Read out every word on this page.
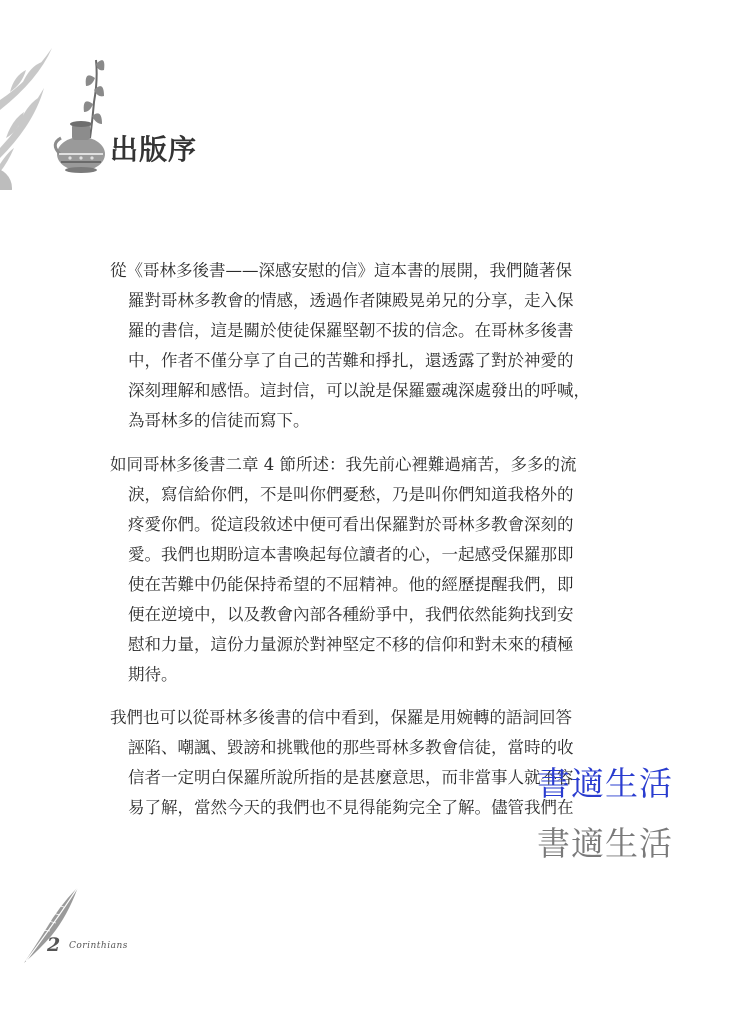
出版序
從《哥林多後書——深感安慰的信》這本書的展開，我們隨著保
羅對哥林多教會的情感，透過作者陳殿晃弟兄的分享，走入保
羅的書信，這是關於使徒保羅堅韌不拔的信念。在哥林多後書
中，作者不僅分享了自己的苦難和掙扎，還透露了對於神愛的
深刻理解和感悟。這封信，可以說是保羅靈魂深處發出的呼喊，
為哥林多的信徒而寫下。
如同哥林多後書二章 4 節所述：我先前心裡難過痛苦，多多的流
淚，寫信給你們，不是叫你們憂愁，乃是叫你們知道我格外的
疼愛你們。從這段敘述中便可看出保羅對於哥林多教會深刻的
愛。我們也期盼這本書喚起每位讀者的心，一起感受保羅那即
使在苦難中仍能保持希望的不屈精神。他的經歷提醒我們，即
便在逆境中，以及教會內部各種紛爭中，我們依然能夠找到安
慰和力量，這份力量源於對神堅定不移的信仰和對未來的積極
期待。
我們也可以從哥林多後書的信中看到，保羅是用婉轉的語詞回答
誣陷、嘲諷、毀謗和挑戰他的那些哥林多教會信徒，當時的收
信者一定明白保羅所說所指的是甚麼意思，而非當事人就不容
易了解，當然今天的我們也不見得能夠完全了解。儘管我們在
書適生活
書適生活
2 Corinthians
